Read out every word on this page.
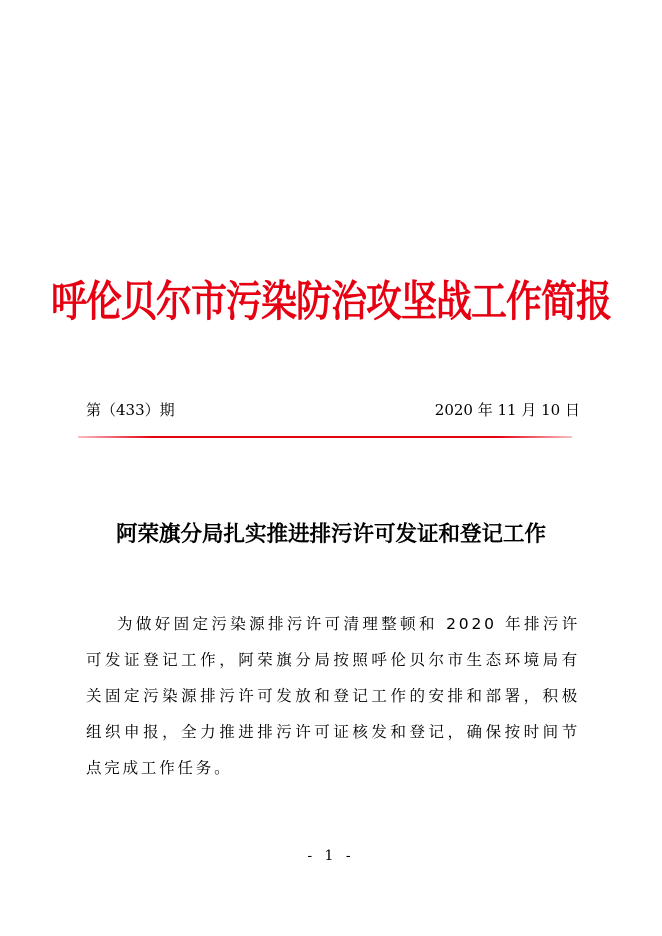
呼伦贝尔市污染防治攻坚战工作简报
第（433）期	2020 年 11 月 10 日
阿荣旗分局扎实推进排污许可发证和登记工作

为做好固定污染源排污许可清理整顿和 2020 年排污许可发证登记工作，阿荣旗分局按照呼伦贝尔市生态环境局有关固定污染源排污许可发放和登记工作的安排和部署，积极组织申报，全力推进排污许可证核发和登记，确保按时间节点完成工作任务。

- 1 -
